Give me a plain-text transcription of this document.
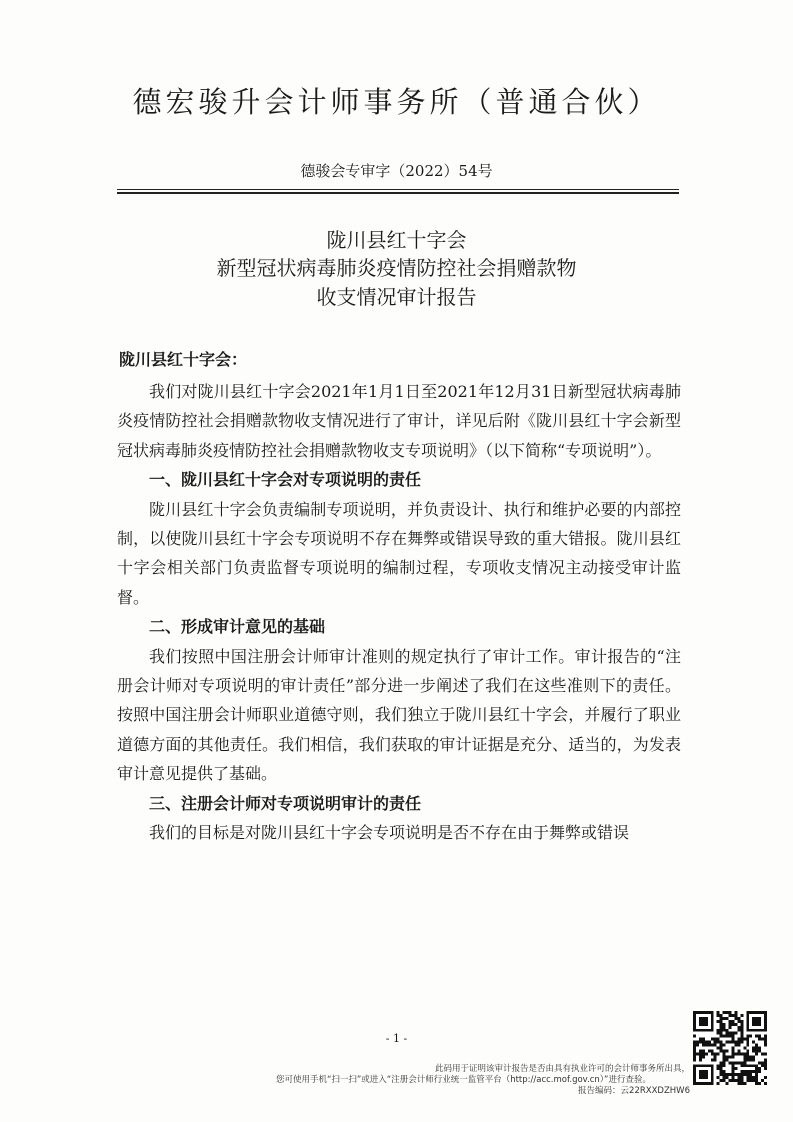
德宏骏升会计师事务所（普通合伙）
德骏会专审字（2022）54号
陇川县红十字会
新型冠状病毒肺炎疫情防控社会捐赠款物
收支情况审计报告
陇川县红十字会：

我们对陇川县红十字会2021年1月1日至2021年12月31日新型冠状病毒肺炎疫情防控社会捐赠款物收支情况进行了审计，详见后附《陇川县红十字会新型冠状病毒肺炎疫情防控社会捐赠款物收支专项说明》（以下简称“专项说明”）。

一、陇川县红十字会对专项说明的责任

陇川县红十字会负责编制专项说明，并负责设计、执行和维护必要的内部控制，以使陇川县红十字会专项说明不存在舞弊或错误导致的重大错报。陇川县红十字会相关部门负责监督专项说明的编制过程，专项收支情况主动接受审计监督。

二、形成审计意见的基础

我们按照中国注册会计师审计准则的规定执行了审计工作。审计报告的“注册会计师对专项说明的审计责任”部分进一步阐述了我们在这些准则下的责任。按照中国注册会计师职业道德守则，我们独立于陇川县红十字会，并履行了职业道德方面的其他责任。我们相信，我们获取的审计证据是充分、适当的，为发表审计意见提供了基础。

三、注册会计师对专项说明审计的责任

我们的目标是对陇川县红十字会专项说明是否不存在由于舞弊或错误

- 1 -
此码用于证明该审计报告是否由具有执业许可的会计师事务所出具，
您可使用手机“扫一扫”或进入“注册会计师行业统一监管平台（http://acc.mof.gov.cn）”进行查验。
报告编码：云22RXXDZHW6
